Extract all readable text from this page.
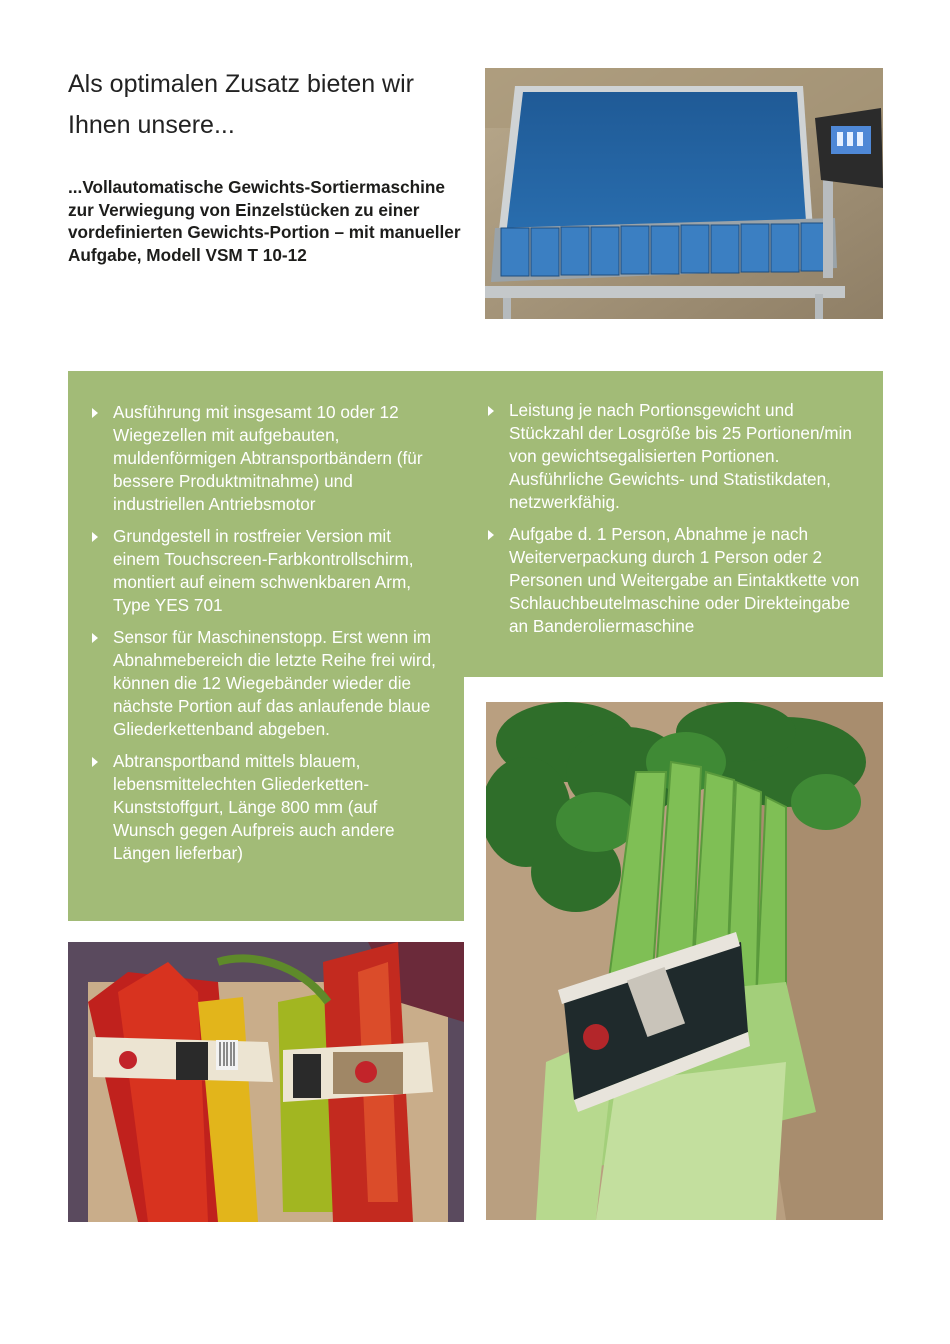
Als optimalen Zusatz bieten wir Ihnen unsere...

...Vollautomatische Gewichts-Sortiermaschine zur Verwiegung von Einzelstücken zu einer vordefinierten Gewichts-Portion – mit manueller Aufgabe, Modell VSM T 10-12

Ausführung mit insgesamt 10 oder 12 Wiegezellen mit aufgebauten, muldenförmigen Abtransportbändern (für bessere Produktmitnahme) und industriellen Antriebsmotor
Grundgestell in rostfreier Version mit einem Touchscreen-Farbkontrollschirm, montiert auf einem schwenkbaren Arm, Type YES 701
Sensor für Maschinenstopp. Erst wenn im Abnahmebereich die letzte Reihe frei wird, können die 12 Wiegebänder wieder die nächste Portion auf das anlaufende blaue Gliederkettenband abgeben.
Abtransportband mittels blauem, lebensmittelechten Gliederketten-Kunststoffgurt, Länge 800 mm (auf Wunsch gegen Aufpreis auch andere Längen lieferbar)
Leistung je nach Portionsgewicht und Stückzahl der Losgröße bis 25 Portionen/min von gewichtsegalisierten Portionen. Ausführliche Gewichts- und Statistikdaten, netzwerkfähig.
Aufgabe d. 1 Person, Abnahme je nach Weiterverpackung durch 1 Person oder 2 Personen und Weitergabe an Eintaktkette von Schlauchbeutelmaschine oder Direkteingabe an Banderoliermaschine
